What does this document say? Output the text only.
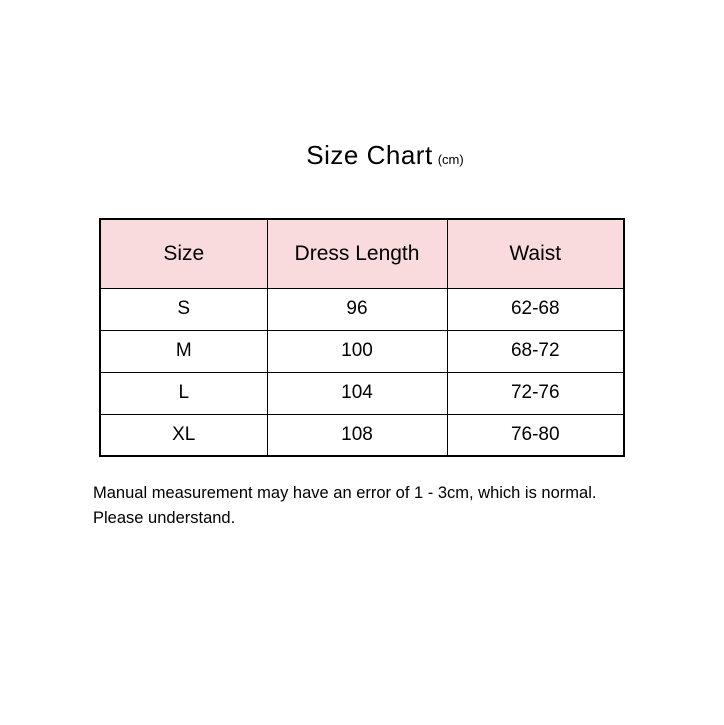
Size Chart (cm)
Size	Dress Length	Waist
S	96	62-68
M	100	68-72
L	104	72-76
XL	108	76-80
Manual measurement may have an error of 1 - 3cm, which is normal.
Please understand.
